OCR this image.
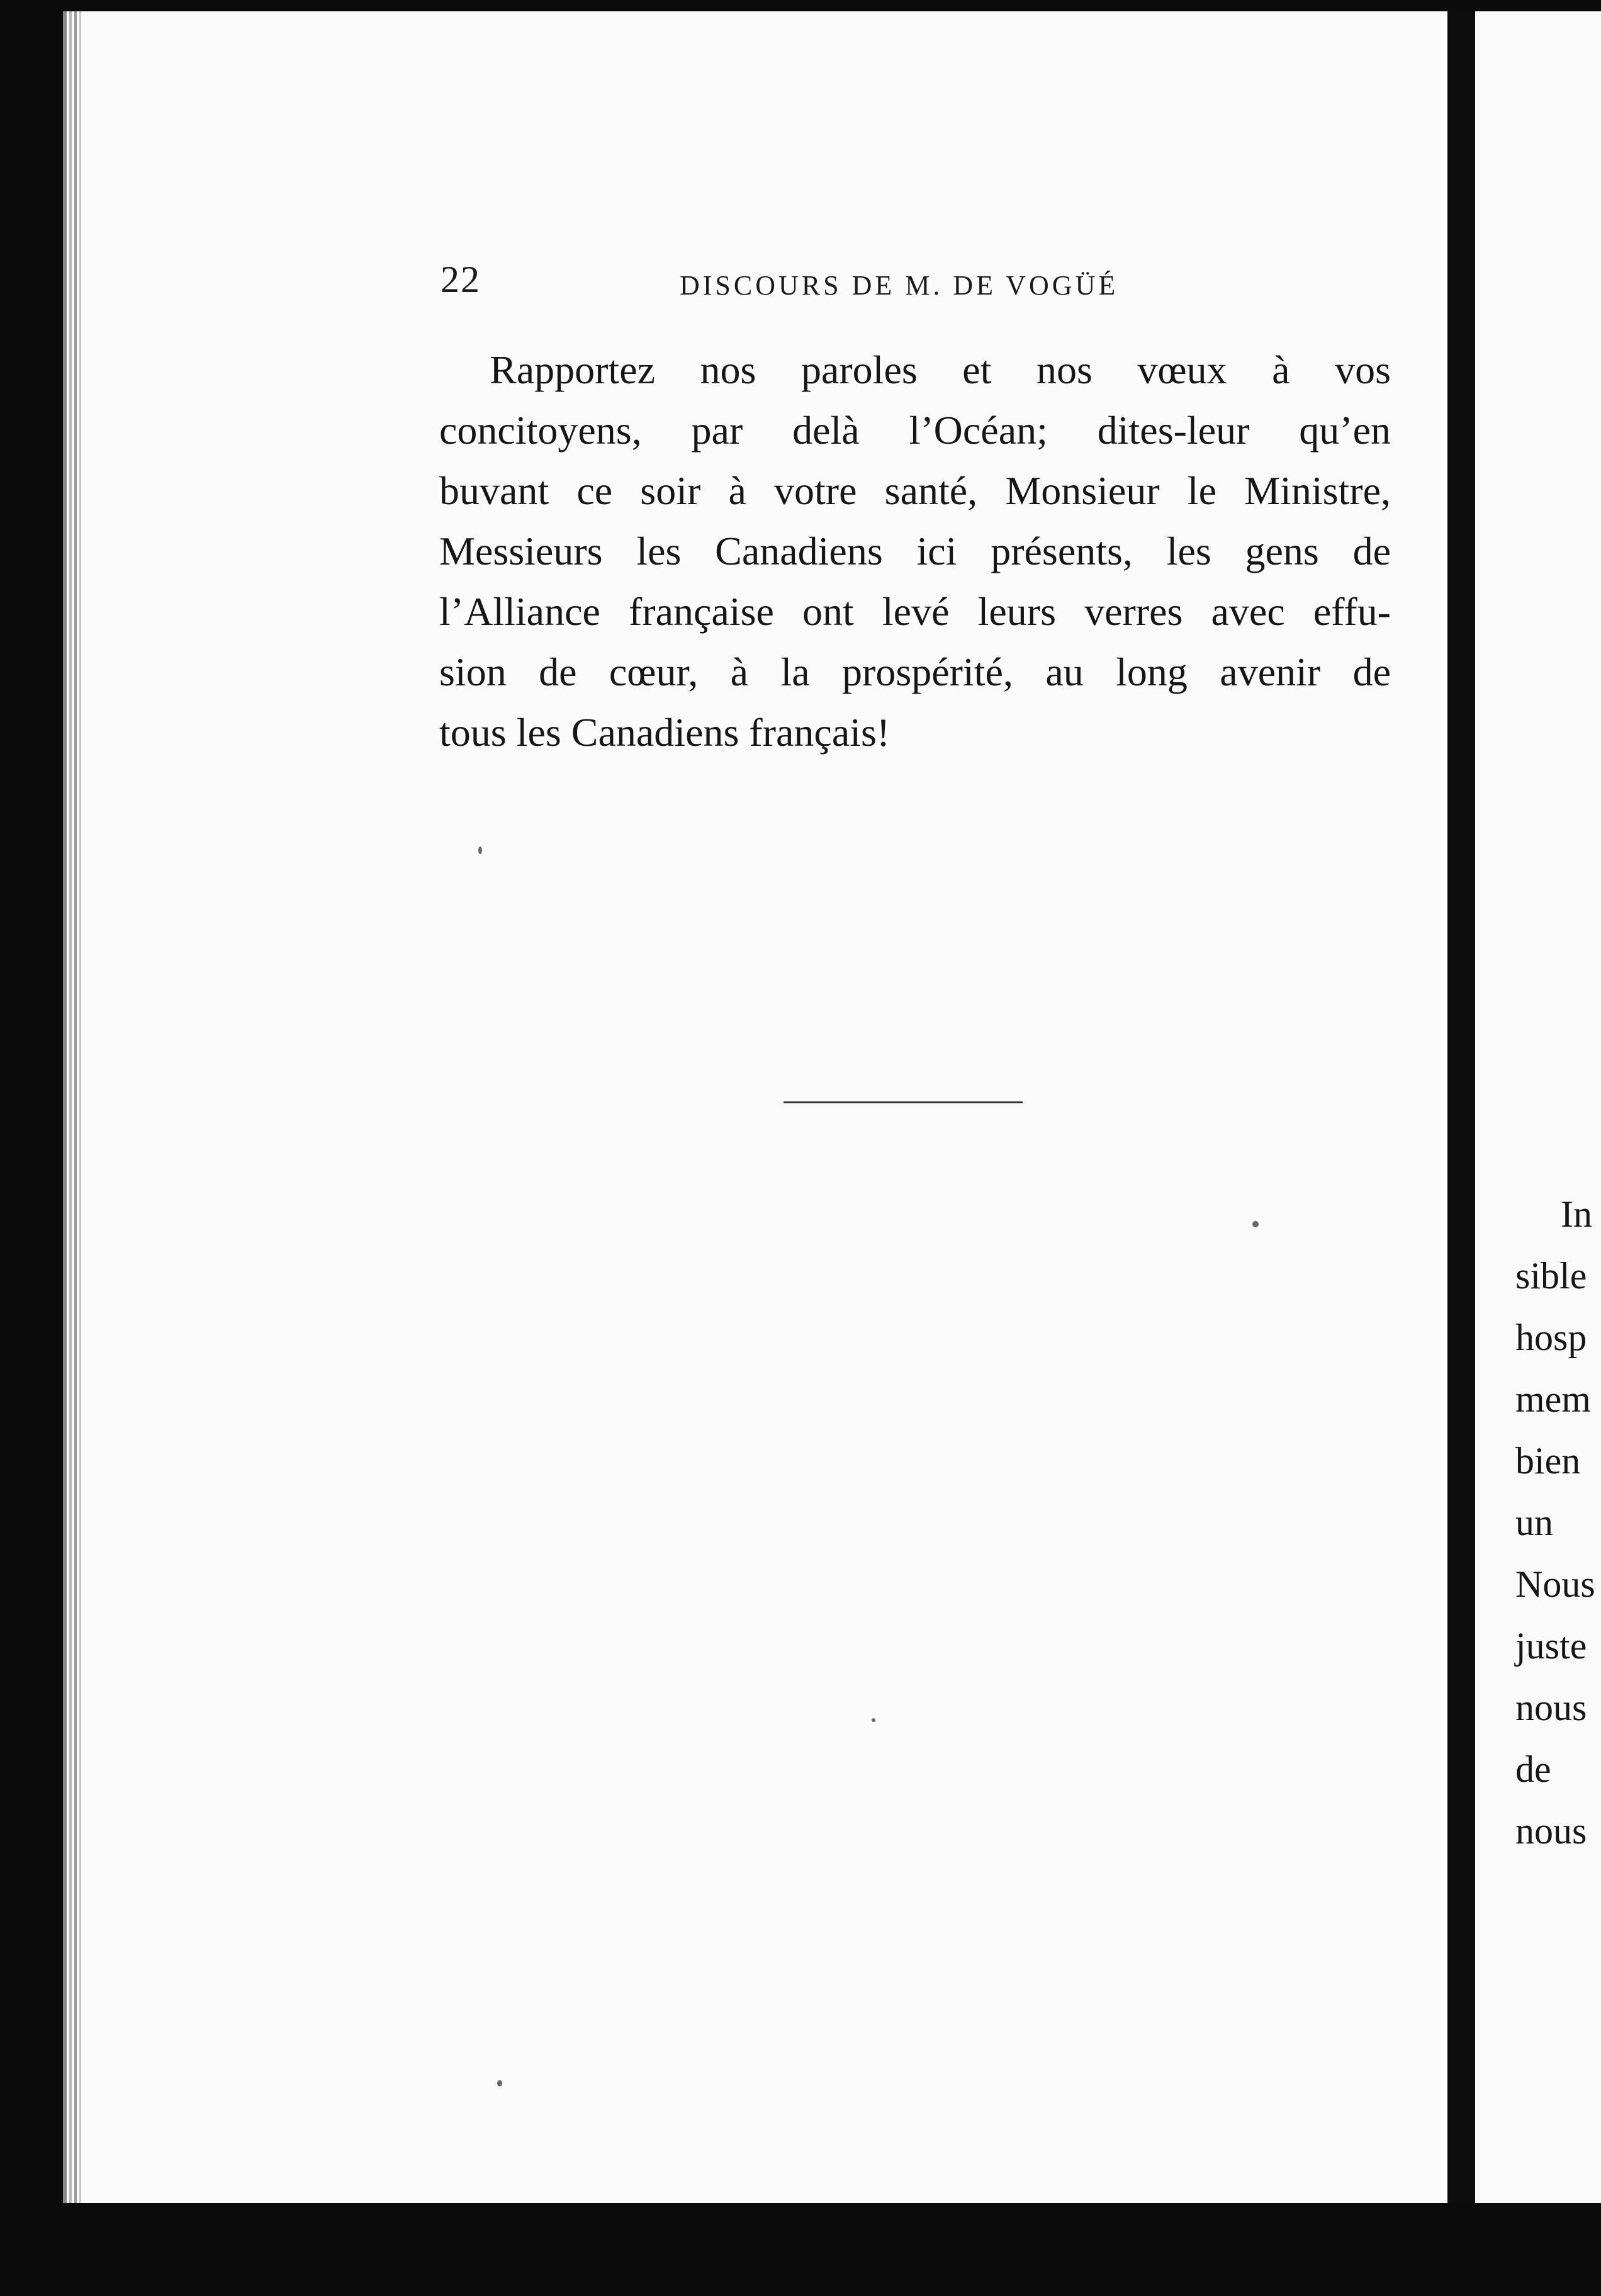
22	DISCOURS DE M. DE VOGÜÉ
Rapportez nos paroles et nos vœux à vos
concitoyens, par delà l’Océan; dites-leur qu’en
buvant ce soir à votre santé, Monsieur le Ministre,
Messieurs les Canadiens ici présents, les gens de
l’Alliance française ont levé leurs verres avec effu-
sion de cœur, à la prospérité, au long avenir de
tous les Canadiens français!
In
sible
hosp
mem
bien
un
Nous
juste
nous
de
nous
